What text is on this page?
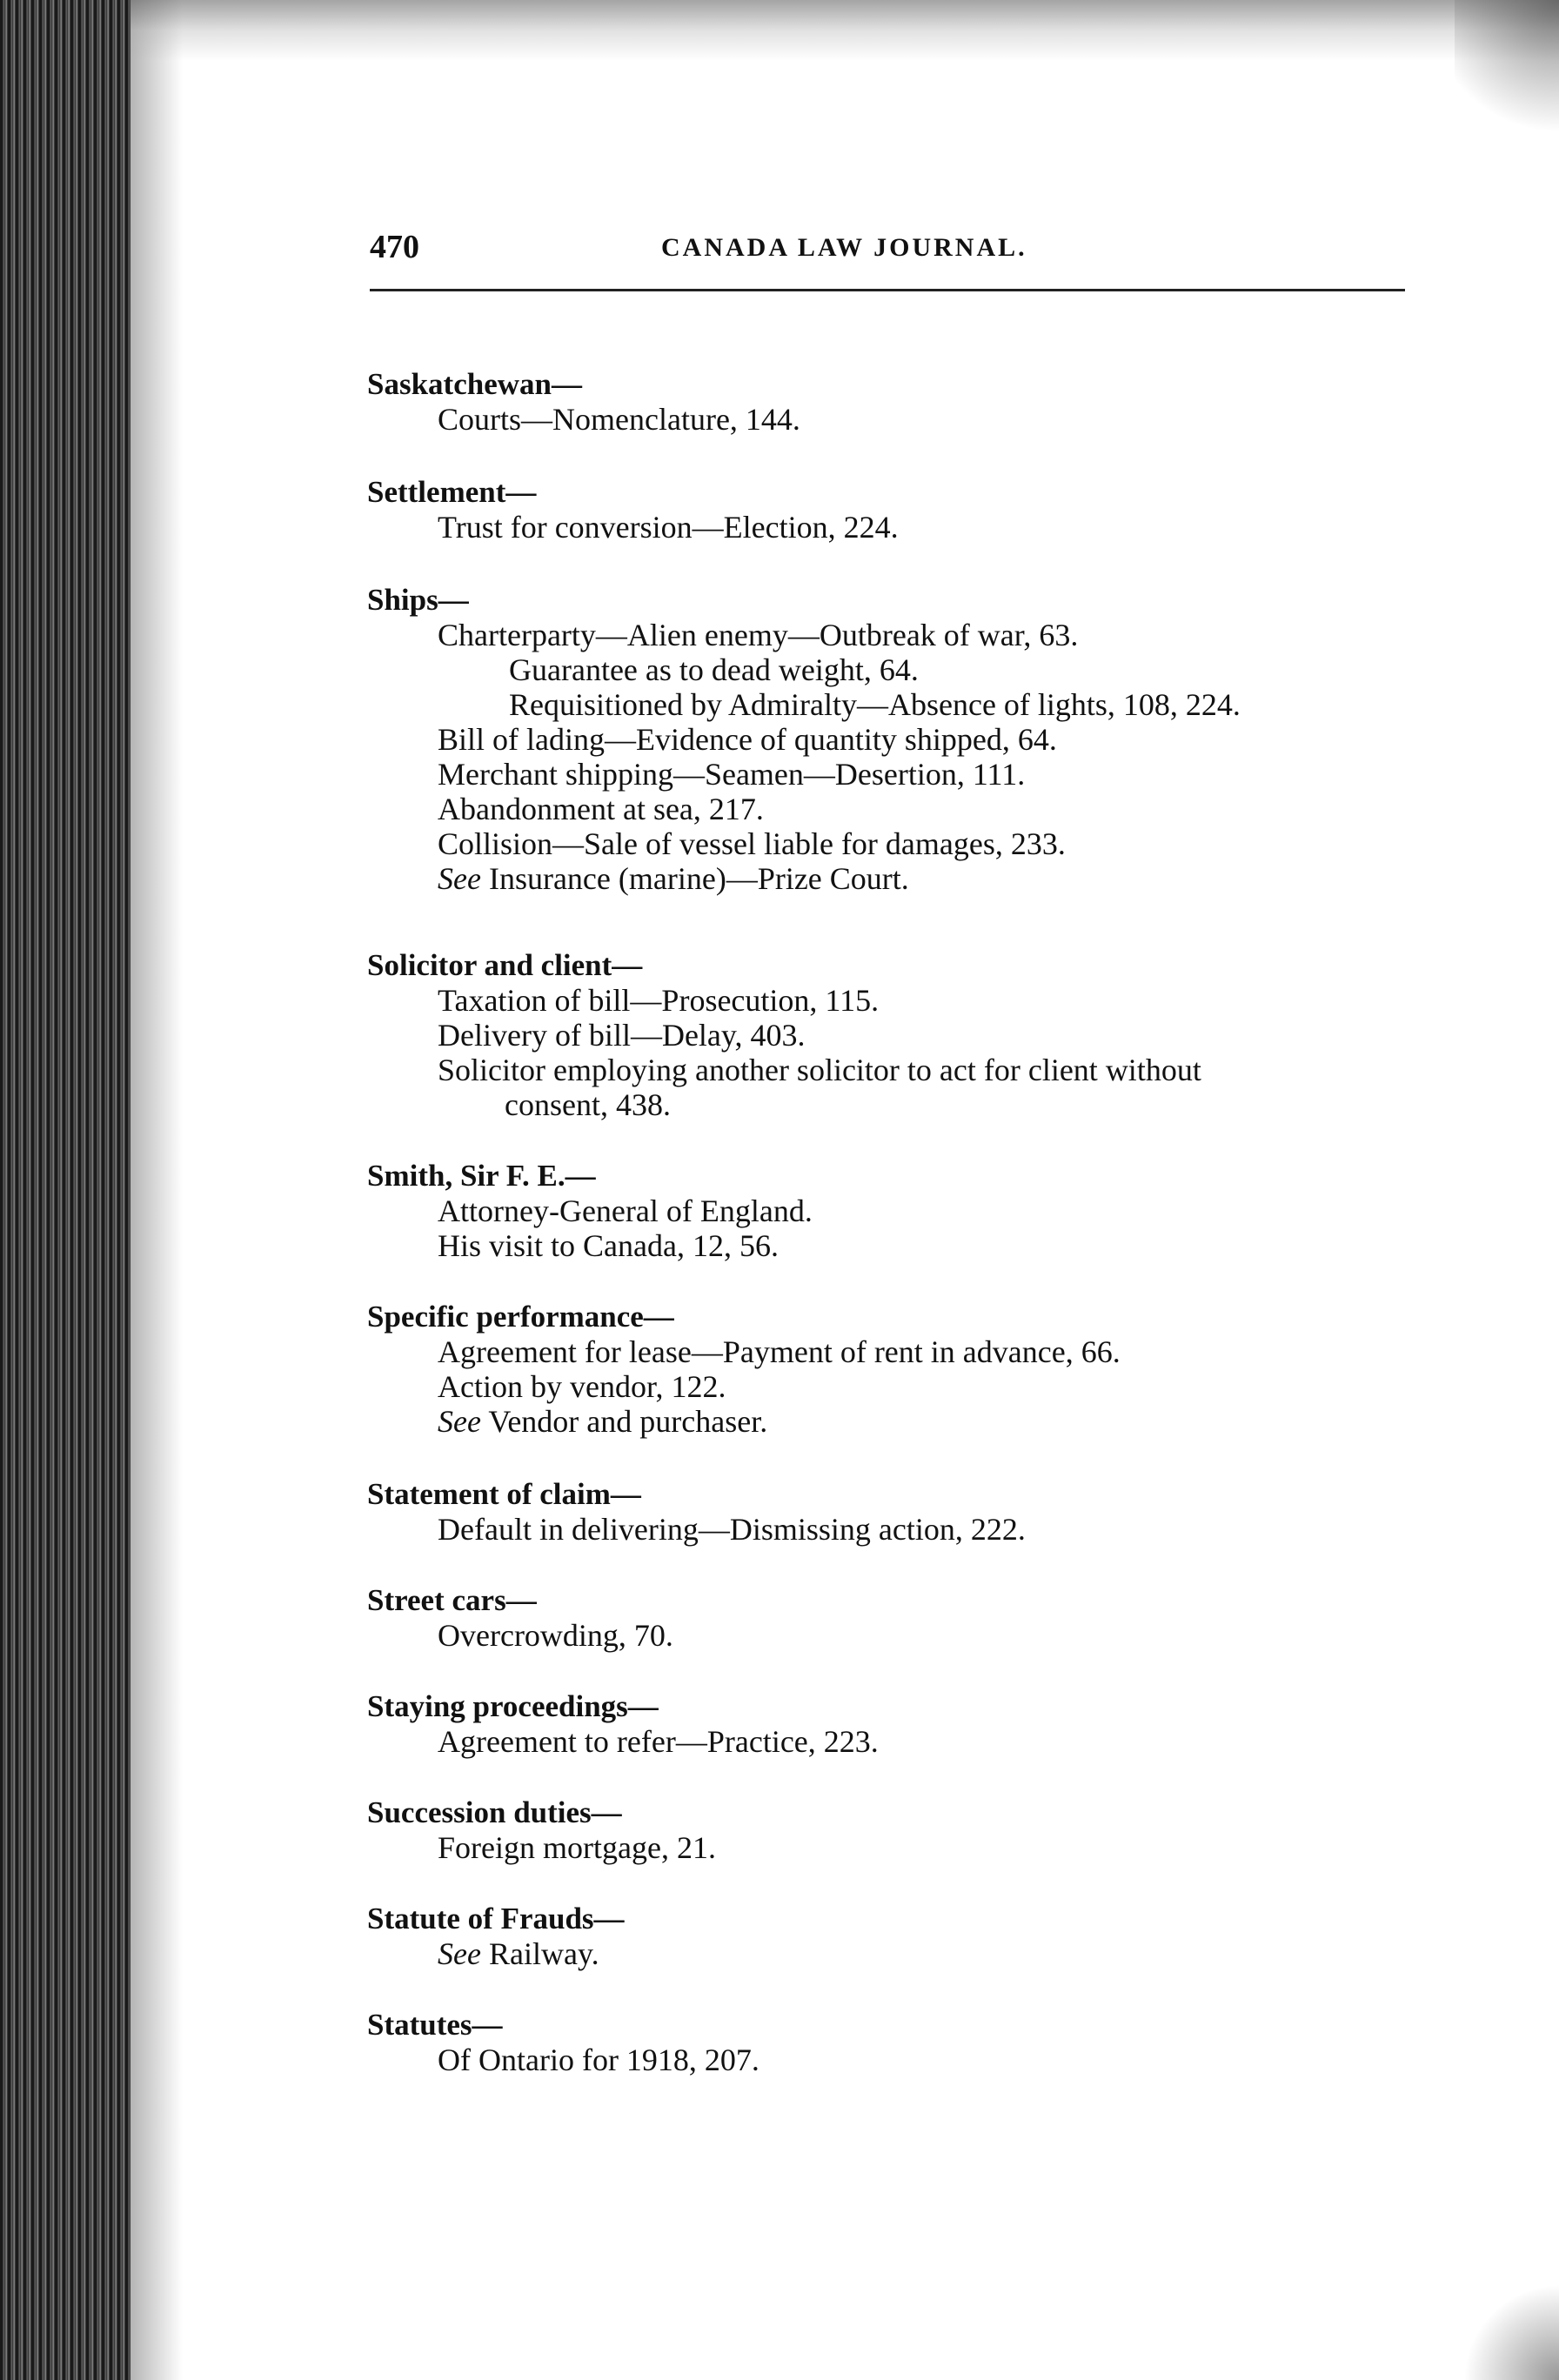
470	CANADA LAW JOURNAL.
Saskatchewan—
Courts—Nomenclature, 144.
Settlement—
Trust for conversion—Election, 224.
Ships—
Charterparty—Alien enemy—Outbreak of war, 63.
Guarantee as to dead weight, 64.
Requisitioned by Admiralty—Absence of lights, 108, 224.
Bill of lading—Evidence of quantity shipped, 64.
Merchant shipping—Seamen—Desertion, 111.
Abandonment at sea, 217.
Collision—Sale of vessel liable for damages, 233.
See Insurance (marine)—Prize Court.
Solicitor and client—
Taxation of bill—Prosecution, 115.
Delivery of bill—Delay, 403.
Solicitor employing another solicitor to act for client without
consent, 438.
Smith, Sir F. E.—
Attorney-General of England.
His visit to Canada, 12, 56.
Specific performance—
Agreement for lease—Payment of rent in advance, 66.
Action by vendor, 122.
See Vendor and purchaser.
Statement of claim—
Default in delivering—Dismissing action, 222.
Street cars—
Overcrowding, 70.
Staying proceedings—
Agreement to refer—Practice, 223.
Succession duties—
Foreign mortgage, 21.
Statute of Frauds—
See Railway.
Statutes—
Of Ontario for 1918, 207.
